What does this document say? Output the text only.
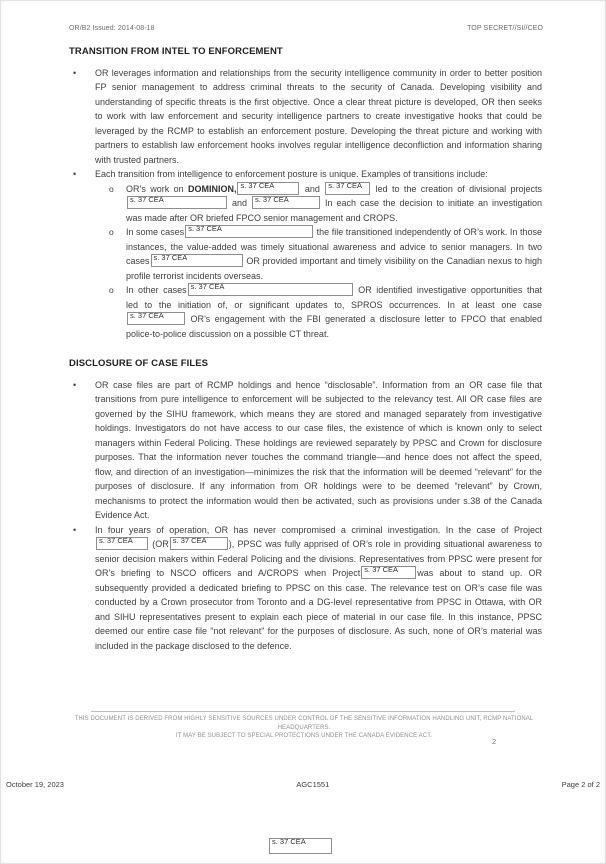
OR/B2 Issued: 2014-08-18	TOP SECRET//SI//CEO
TRANSITION FROM INTEL TO ENFORCEMENT
•	OR leverages information and relationships from the security intelligence community in order to better position FP senior management to address criminal threats to the security of Canada. Developing visibility and understanding of specific threats is the first objective. Once a clear threat picture is developed, OR then seeks to work with law enforcement and security intelligence partners to create investigative hooks that could be leveraged by the RCMP to establish an enforcement posture. Developing the threat picture and working with partners to establish law enforcement hooks involves regular intelligence deconfliction and information sharing with trusted partners.
•	Each transition from intelligence to enforcement posture is unique. Examples of transitions include:
o	OR’s work on DOMINION, s. 37 CEA	and s. 37 CEA led to the creation of divisional projects
s. 37 CEA	and s. 37 CEA	In each case the decision to initiate an investigation was made after OR briefed FPCO senior management and CROPS.
o	In some cases s. 37 CEA	the file transitioned independently of OR’s work. In those instances, the value-added was timely situational awareness and advice to senior managers. In two cases s. 37 CEA	OR provided important and timely visibility on the Canadian nexus to high profile terrorist incidents overseas.
o	In other cases s. 37 CEA	OR identified investigative opportunities that led to the initiation of, or significant updates to, SPROS occurrences. In at least one case
s. 37 CEA OR’s engagement with the FBI generated a disclosure letter to FPCO that enabled police-to-police discussion on a possible CT threat.
DISCLOSURE OF CASE FILES
•	OR case files are part of RCMP holdings and hence “disclosable”. Information from an OR case file that transitions from pure intelligence to enforcement will be subjected to the relevancy test. All OR case files are governed by the SIHU framework, which means they are stored and managed separately from investigative holdings. Investigators do not have access to our case files, the existence of which is known only to select managers within Federal Policing. These holdings are reviewed separately by PPSC and Crown for disclosure purposes. That the information never touches the command triangle—and hence does not affect the speed, flow, and direction of an investigation—minimizes the risk that the information will be deemed “relevant” for the purposes of disclosure. If any information from OR holdings were to be deemed “relevant” by Crown, mechanisms to protect the information would then be activated, such as provisions under s.38 of the Canada Evidence Act.
•	In four years of operation, OR has never compromised a criminal investigation. In the case of Project
s. 37 CEA (OR s. 37 CEA ), PPSC was fully apprised of OR’s role in providing situational awareness to senior decision makers within Federal Policing and the divisions. Representatives from PPSC were present for OR’s briefing to NSCO officers and A/CROPS when Project s. 37 CEA was about to stand up. OR subsequently provided a dedicated briefing to PPSC on this case. The relevance test on OR’s case file was conducted by a Crown prosecutor from Toronto and a DG-level representative from PPSC in Ottawa, with OR and SIHU representatives present to explain each piece of material in our case file. In this instance, PPSC deemed our entire case file “not relevant” for the purposes of disclosure. As such, none of OR’s material was included in the package disclosed to the defence.
THIS DOCUMENT IS DERIVED FROM HIGHLY SENSITIVE SOURCES UNDER CONTROL OF THE SENSITIVE INFORMATION HANDLING UNIT, RCMP NATIONAL HEADQUARTERS.
IT MAY BE SUBJECT TO SPECIAL PROTECTIONS UNDER THE CANADA EVIDENCE ACT.
2
October 19, 2023	AGC1551	Page 2 of 2
s. 37 CEA
